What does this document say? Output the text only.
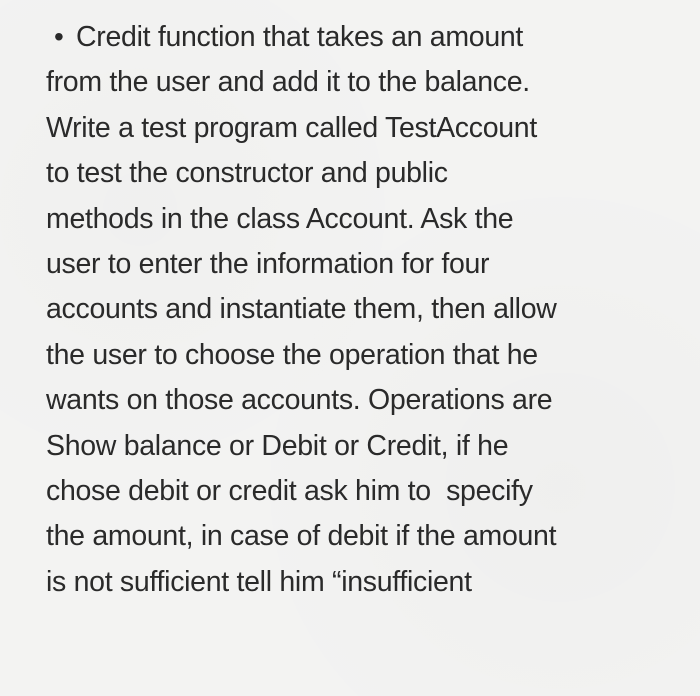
• Credit function that takes an amount
from the user and add it to the balance.
Write a test program called TestAccount
to test the constructor and public
methods in the class Account. Ask the
user to enter the information for four
accounts and instantiate them, then allow
the user to choose the operation that he
wants on those accounts. Operations are
Show balance or Debit or Credit, if he
chose debit or credit ask him to  specify
the amount, in case of debit if the amount
is not sufficient tell him “insufficient
